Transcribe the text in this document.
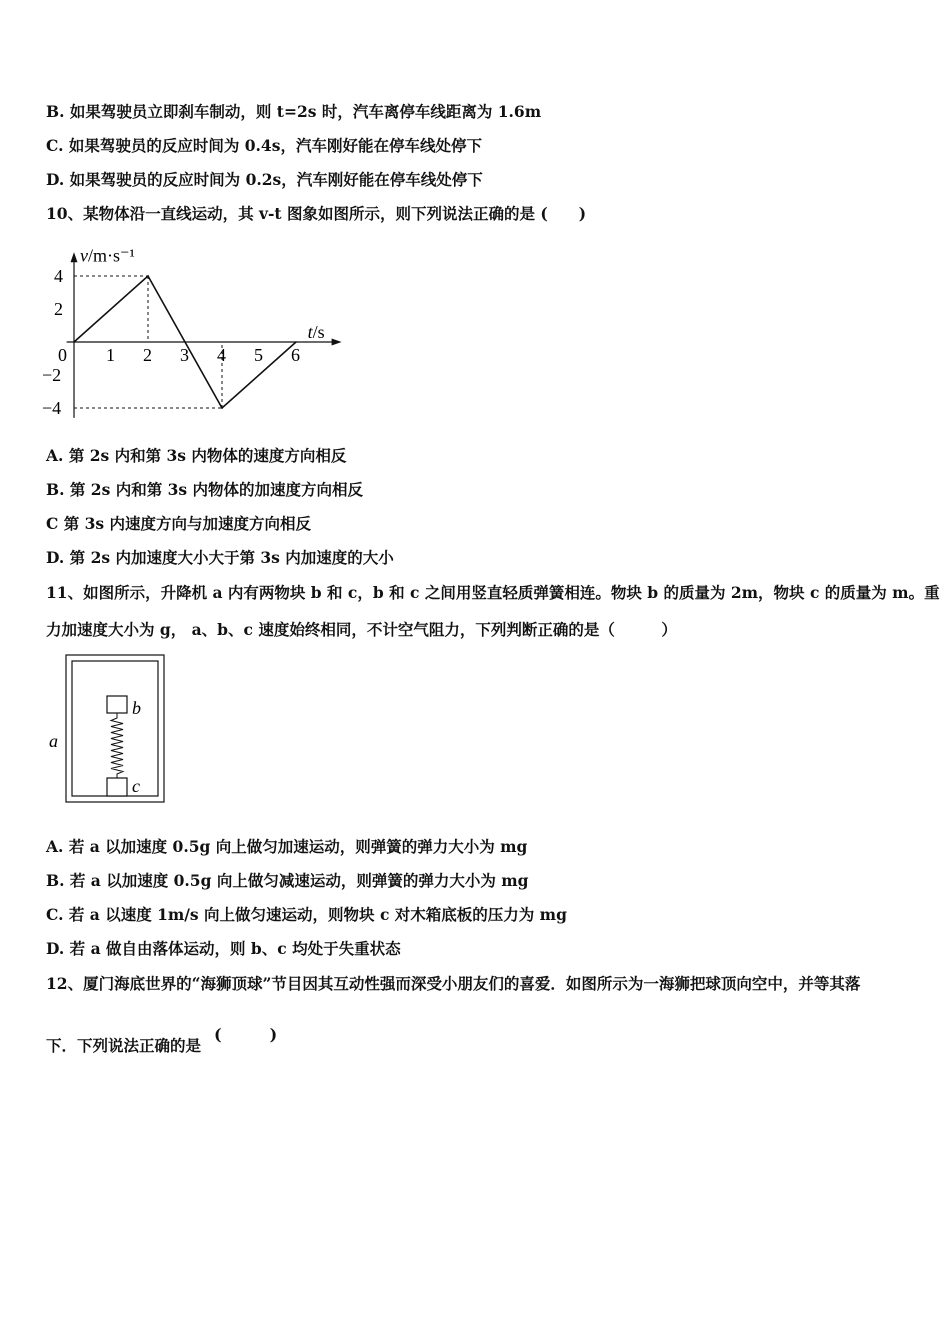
B. 如果驾驶员立即刹车制动，则 t=2s 时，汽车离停车线距离为 1.6m
C. 如果驾驶员的反应时间为 0.4s，汽车刚好能在停车线处停下
D. 如果驾驶员的反应时间为 0.2s，汽车刚好能在停车线处停下
10、某物体沿一直线运动，其 v-t 图象如图所示，则下列说法正确的是 (　　)
v/m·s⁻¹
t/s
0 1 2 3 4 5 6
4
2
−2
−4
A. 第 2s 内和第 3s 内物体的速度方向相反
B. 第 2s 内和第 3s 内物体的加速度方向相反
C 第 3s 内速度方向与加速度方向相反
D. 第 2s 内加速度大小大于第 3s 内加速度的大小
11、如图所示，升降机 a 内有两物块 b 和 c，b 和 c 之间用竖直轻质弹簧相连。物块 b 的质量为 2m，物块 c 的质量为 m。重
力加速度大小为 g， a、b、c 速度始终相同，不计空气阻力，下列判断正确的是（　　　）
a
b
c
A. 若 a 以加速度 0.5g 向上做匀加速运动，则弹簧的弹力大小为 mg
B. 若 a 以加速度 0.5g 向上做匀减速运动，则弹簧的弹力大小为 mg
C. 若 a 以速度 1m/s 向上做匀速运动，则物块 c 对木箱底板的压力为 mg
D. 若 a 做自由落体运动，则 b、c 均处于失重状态
12、厦门海底世界的“海狮顶球”节目因其互动性强而深受小朋友们的喜爱．如图所示为一海狮把球顶向空中，并等其落
下．下列说法正确的是
(　　　)
